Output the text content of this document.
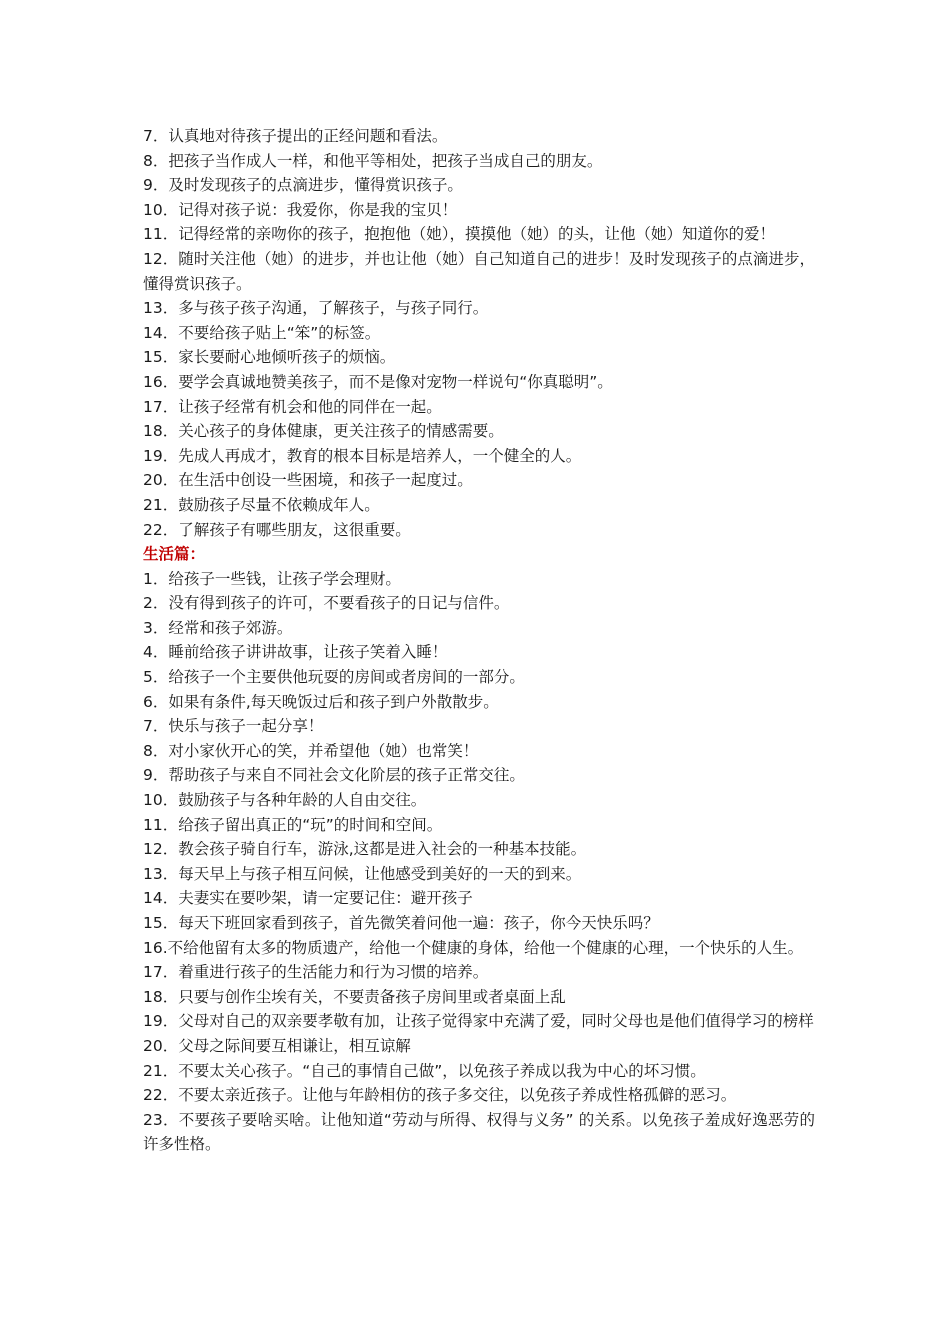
7．认真地对待孩子提出的正经问题和看法。
8．把孩子当作成人一样，和他平等相处，把孩子当成自己的朋友。
9．及时发现孩子的点滴进步，懂得赏识孩子。
10．记得对孩子说：我爱你，你是我的宝贝！
11．记得经常的亲吻你的孩子，抱抱他（她），摸摸他（她）的头，让他（她）知道你的爱！
12．随时关注他（她）的进步，并也让他（她）自己知道自己的进步！及时发现孩子的点滴进步，懂得赏识孩子。
13．多与孩子孩子沟通，了解孩子，与孩子同行。
14．不要给孩子贴上“笨”的标签。
15．家长要耐心地倾听孩子的烦恼。
16．要学会真诚地赞美孩子，而不是像对宠物一样说句“你真聪明”。
17．让孩子经常有机会和他的同伴在一起。
18．关心孩子的身体健康，更关注孩子的情感需要。
19．先成人再成才，教育的根本目标是培养人，一个健全的人。
20．在生活中创设一些困境，和孩子一起度过。
21．鼓励孩子尽量不依赖成年人。
22．了解孩子有哪些朋友，这很重要。
生活篇：
1．给孩子一些钱，让孩子学会理财。
2．没有得到孩子的许可，不要看孩子的日记与信件。
3．经常和孩子郊游。
4．睡前给孩子讲讲故事，让孩子笑着入睡！
5．给孩子一个主要供他玩耍的房间或者房间的一部分。
6．如果有条件,每天晚饭过后和孩子到户外散散步。
7．快乐与孩子一起分享！
8．对小家伙开心的笑，并希望他（她）也常笑！
9．帮助孩子与来自不同社会文化阶层的孩子正常交往。
10．鼓励孩子与各种年龄的人自由交往。
11．给孩子留出真正的“玩”的时间和空间。
12．教会孩子骑自行车，游泳,这都是进入社会的一种基本技能。
13．每天早上与孩子相互问候，让他感受到美好的一天的到来。
14．夫妻实在要吵架，请一定要记住：避开孩子
15．每天下班回家看到孩子，首先微笑着问他一遍：孩子，你今天快乐吗？
16.不给他留有太多的物质遗产，给他一个健康的身体，给他一个健康的心理，一个快乐的人生。
17．着重进行孩子的生活能力和行为习惯的培养。
18．只要与创作尘埃有关，不要责备孩子房间里或者桌面上乱
19．父母对自己的双亲要孝敬有加，让孩子觉得家中充满了爱，同时父母也是他们值得学习的榜样
20．父母之际间要互相谦让，相互谅解
21．不要太关心孩子。“自己的事情自己做”，以免孩子养成以我为中心的坏习惯。
22．不要太亲近孩子。让他与年龄相仿的孩子多交往，以免孩子养成性格孤僻的恶习。
23．不要孩子要啥买啥。让他知道“劳动与所得、权得与义务” 的关系。以免孩子羞成好逸恶劳的许多性格。
